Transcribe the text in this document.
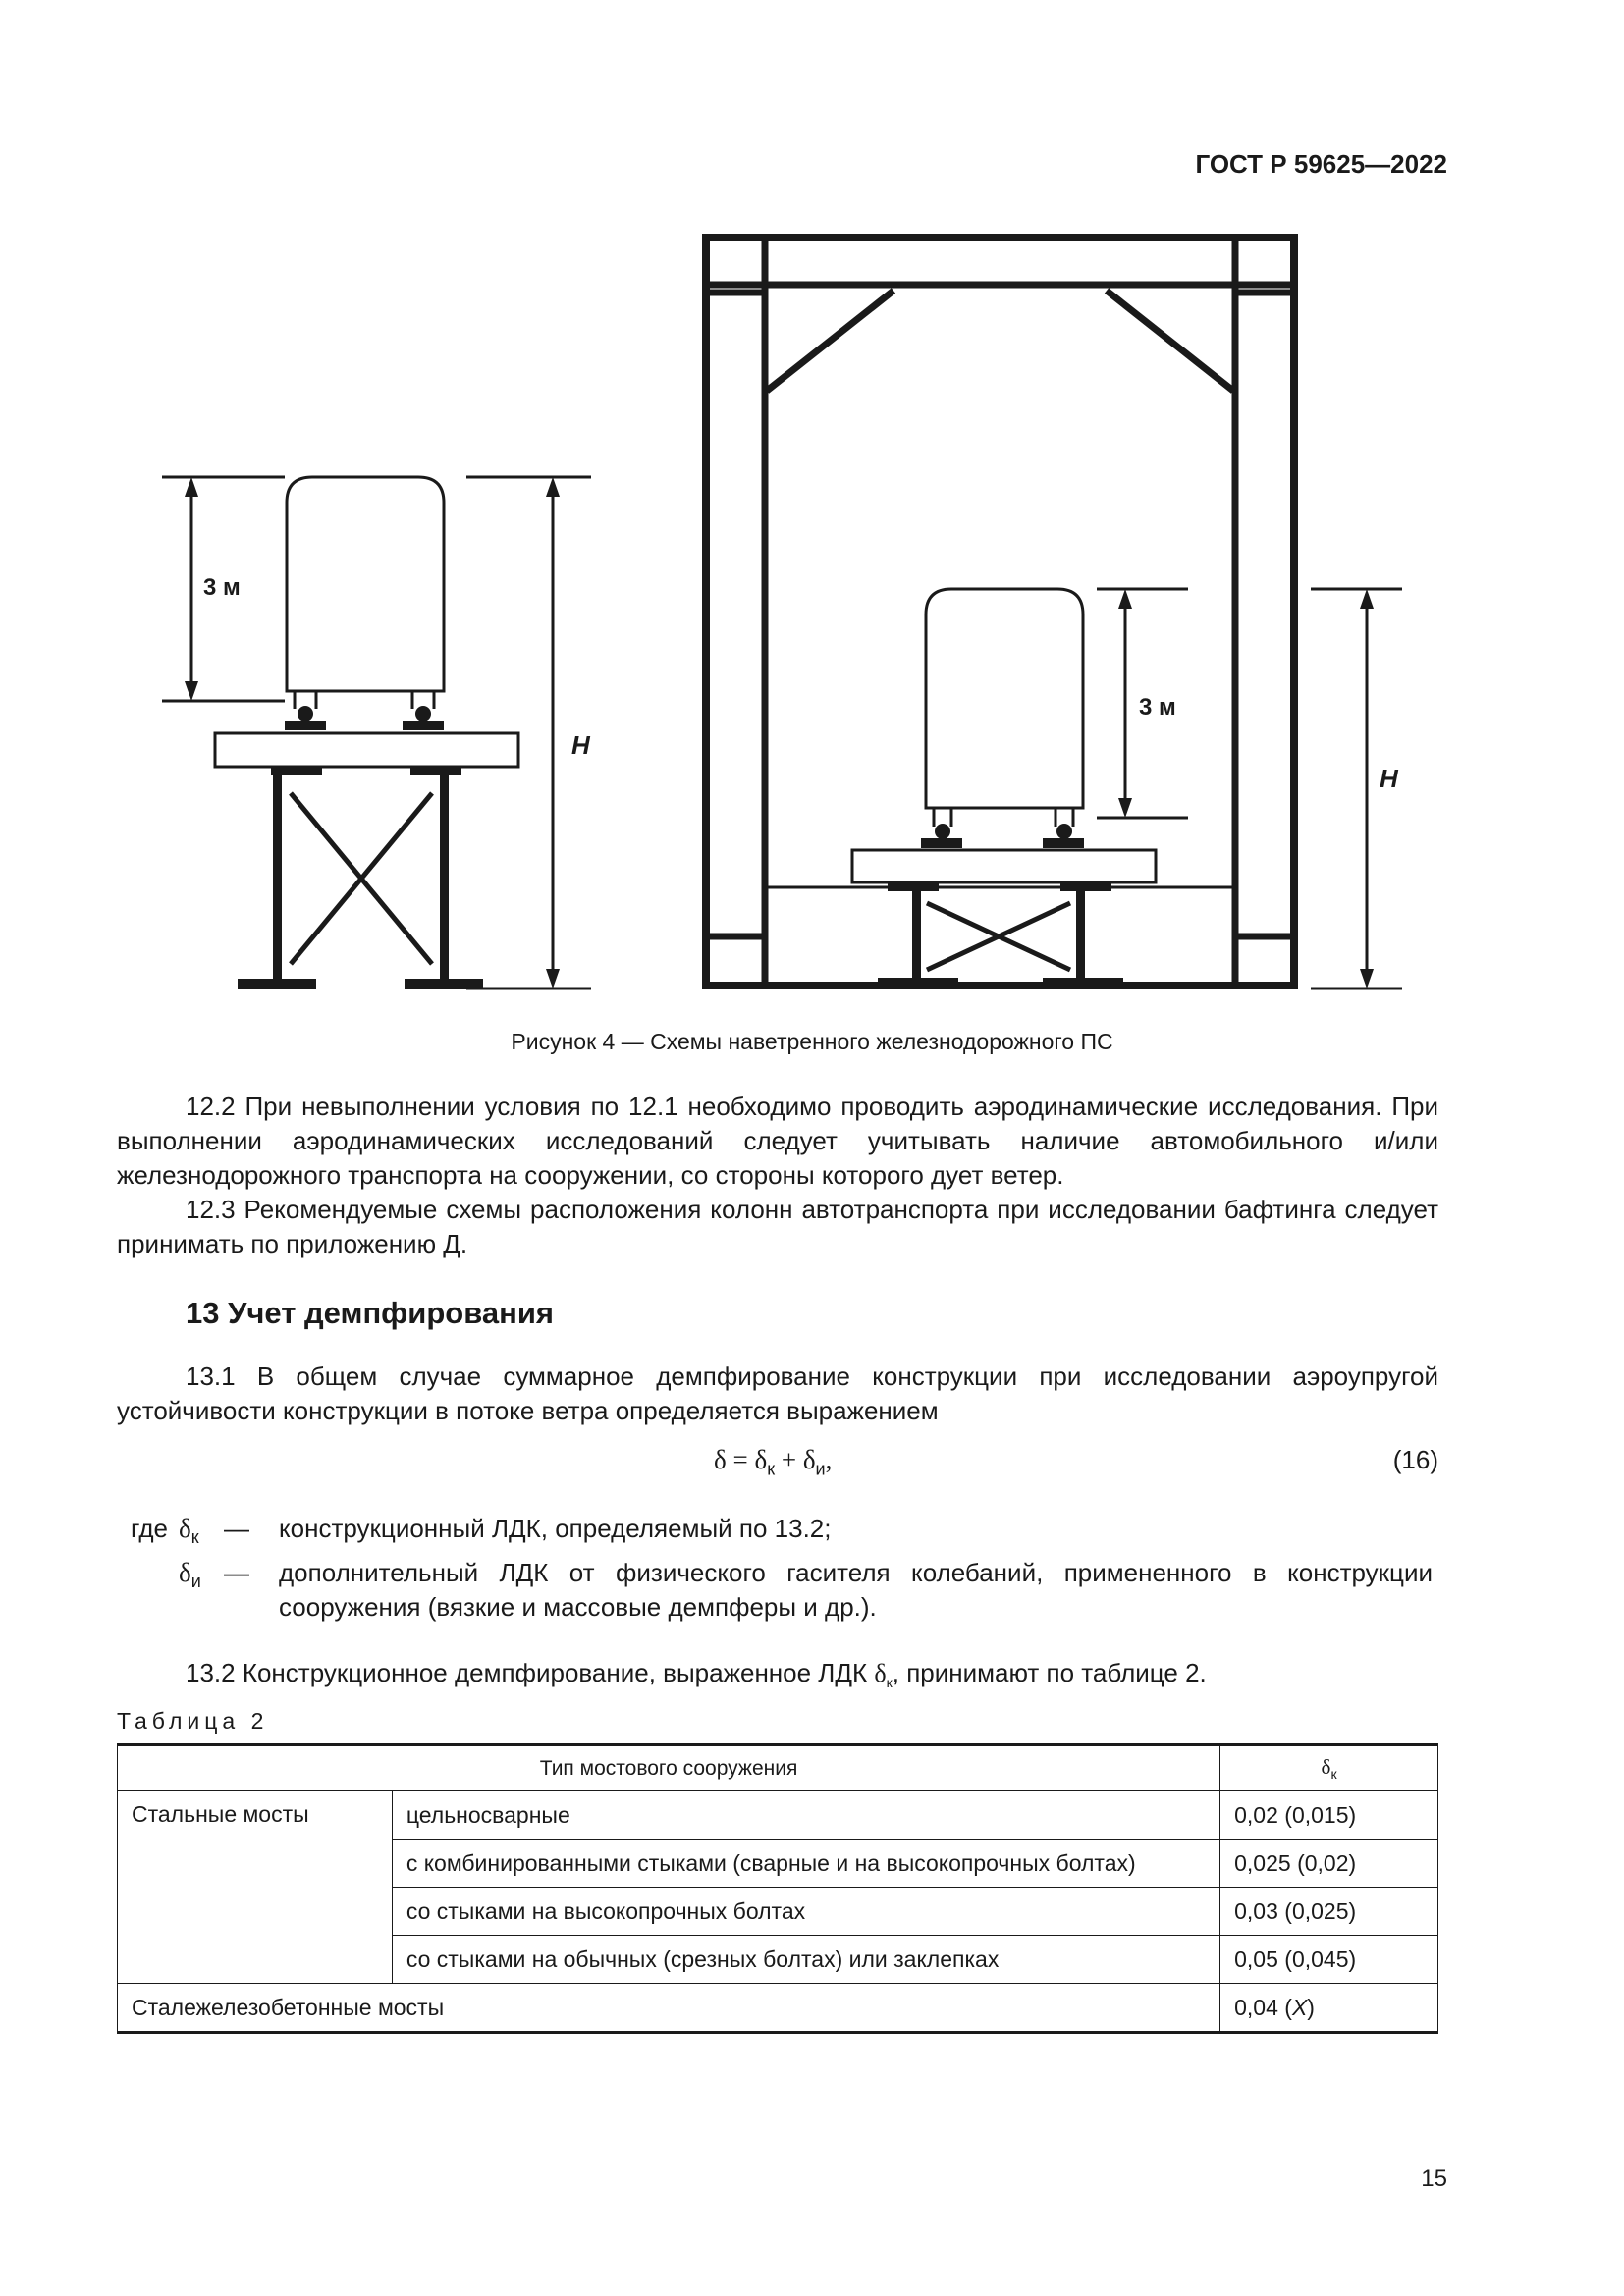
ГОСТ Р 59625—2022
3 м
H
3 м
H
Рисунок 4 — Схемы наветренного железнодорожного ПС
12.2 При невыполнении условия по 12.1 необходимо проводить аэродинамические исследования. При выполнении аэродинамических исследований следует учитывать наличие автомобильного и/или железнодорожного транспорта на сооружении, со стороны которого дует ветер.
12.3 Рекомендуемые схемы расположения колонн автотранспорта при исследовании бафтинга следует принимать по приложению Д.
13 Учет демпфирования
13.1 В общем случае суммарное демпфирование конструкции при исследовании аэроупругой устойчивости конструкции в потоке ветра определяется выражением
$\delta = \delta_к + \delta_и$,	(16)
где $\delta_к$ — конструкционный ЛДК, определяемый по 13.2;
$\delta_и$ — дополнительный ЛДК от физического гасителя колебаний, примененного в конструкции сооружения (вязкие и массовые демпферы и др.).
13.2 Конструкционное демпфирование, выраженное ЛДК $\delta_к$, принимают по таблице 2.
Таблица 2
Тип мостового сооружения		$\delta_к$
Стальные мосты	цельносварные	0,02 (0,015)
	с комбинированными стыками (сварные и на высокопрочных болтах)	0,025 (0,02)
	со стыками на высокопрочных болтах	0,03 (0,025)
	со стыками на обычных (срезных болтах) или заклепках	0,05 (0,045)
Сталежелезобетонные мосты		0,04 (X)
15
